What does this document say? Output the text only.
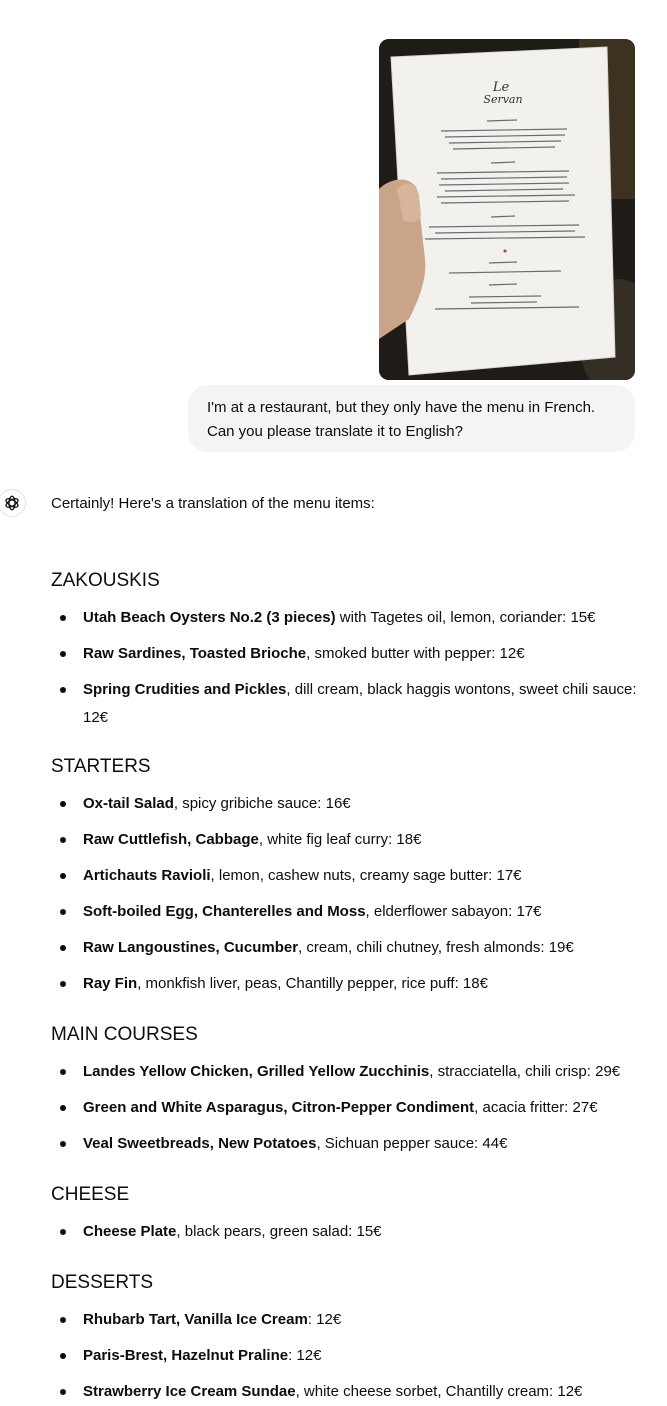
Le
Servan
I'm at a restaurant, but they only have the menu in French. Can you please translate it to English?

Certainly! Here's a translation of the menu items:

ZAKOUSKIS
Utah Beach Oysters No.2 (3 pieces) with Tagetes oil, lemon, coriander: 15€
Raw Sardines, Toasted Brioche, smoked butter with pepper: 12€
Spring Crudities and Pickles, dill cream, black haggis wontons, sweet chili sauce: 12€
STARTERS
Ox-tail Salad, spicy gribiche sauce: 16€
Raw Cuttlefish, Cabbage, white fig leaf curry: 18€
Artichauts Ravioli, lemon, cashew nuts, creamy sage butter: 17€
Soft-boiled Egg, Chanterelles and Moss, elderflower sabayon: 17€
Raw Langoustines, Cucumber, cream, chili chutney, fresh almonds: 19€
Ray Fin, monkfish liver, peas, Chantilly pepper, rice puff: 18€
MAIN COURSES
Landes Yellow Chicken, Grilled Yellow Zucchinis, stracciatella, chili crisp: 29€
Green and White Asparagus, Citron-Pepper Condiment, acacia fritter: 27€
Veal Sweetbreads, New Potatoes, Sichuan pepper sauce: 44€
CHEESE
Cheese Plate, black pears, green salad: 15€
DESSERTS
Rhubarb Tart, Vanilla Ice Cream: 12€
Paris-Brest, Hazelnut Praline: 12€
Strawberry Ice Cream Sundae, white cheese sorbet, Chantilly cream: 12€
